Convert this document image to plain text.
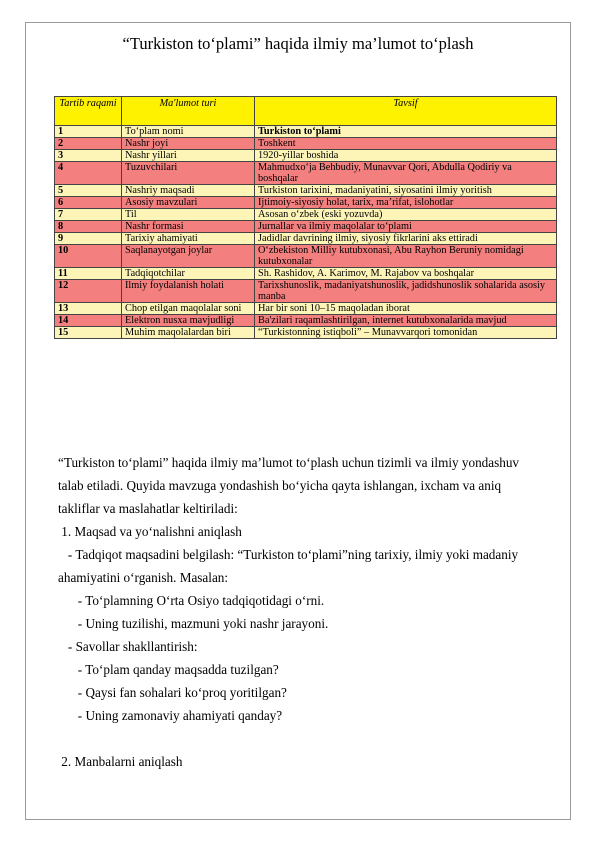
“Turkiston to‘plami” haqida ilmiy ma’lumot to‘plash
Tartib raqami	Ma'lumot turi	Tavsif
1	To‘plam nomi	Turkiston to‘plami
2	Nashr joyi	Toshkent
3	Nashr yillari	1920-yillar boshida
4	Tuzuvchilari	Mahmudxo‘ja Behbudiy, Munavvar Qori, Abdulla Qodiriy va boshqalar
5	Nashriy maqsadi	Turkiston tarixini, madaniyatini, siyosatini ilmiy yoritish
6	Asosiy mavzulari	Ijtimoiy-siyosiy holat, tarix, ma’rifat, islohotlar
7	Til	Asosan o‘zbek (eski yozuvda)
8	Nashr formasi	Jurnallar va ilmiy maqolalar to‘plami
9	Tarixiy ahamiyati	Jadidlar davrining ilmiy, siyosiy fikrlarini aks ettiradi
10	Saqlanayotgan joylar	O‘zbekiston Milliy kutubxonasi, Abu Rayhon Beruniy nomidagi kutubxonalar
11	Tadqiqotchilar	Sh. Rashidov, A. Karimov, M. Rajabov va boshqalar
12	Ilmiy foydalanish holati	Tarixshunoslik, madaniyatshunoslik, jadidshunoslik sohalarida asosiy manba
13	Chop etilgan maqolalar soni	Har bir soni 10–15 maqoladan iborat
14	Elektron nusxa mavjudligi	Ba'zilari raqamlashtirilgan, internet kutubxonalarida mavjud
15	Muhim maqolalardan biri	“Turkistonning istiqboli” – Munavvarqori tomonidan

“Turkiston to‘plami” haqida ilmiy ma’lumot to‘plash uchun tizimli va ilmiy yondashuv

talab etiladi. Quyida mavzuga yondashish bo‘yicha qayta ishlangan, ixcham va aniq

takliflar va maslahatlar keltiriladi:

1. Maqsad va yo‘nalishni aniqlash

- Tadqiqot maqsadini belgilash: “Turkiston to‘plami”ning tarixiy, ilmiy yoki madaniy

ahamiyatini o‘rganish. Masalan:

- To‘plamning O‘rta Osiyo tadqiqotidagi o‘rni.

- Uning tuzilishi, mazmuni yoki nashr jarayoni.

- Savollar shakllantirish:

- To‘plam qanday maqsadda tuzilgan?

- Qaysi fan sohalari ko‘proq yoritilgan?

- Uning zamonaviy ahamiyati qanday?

2. Manbalarni aniqlash
